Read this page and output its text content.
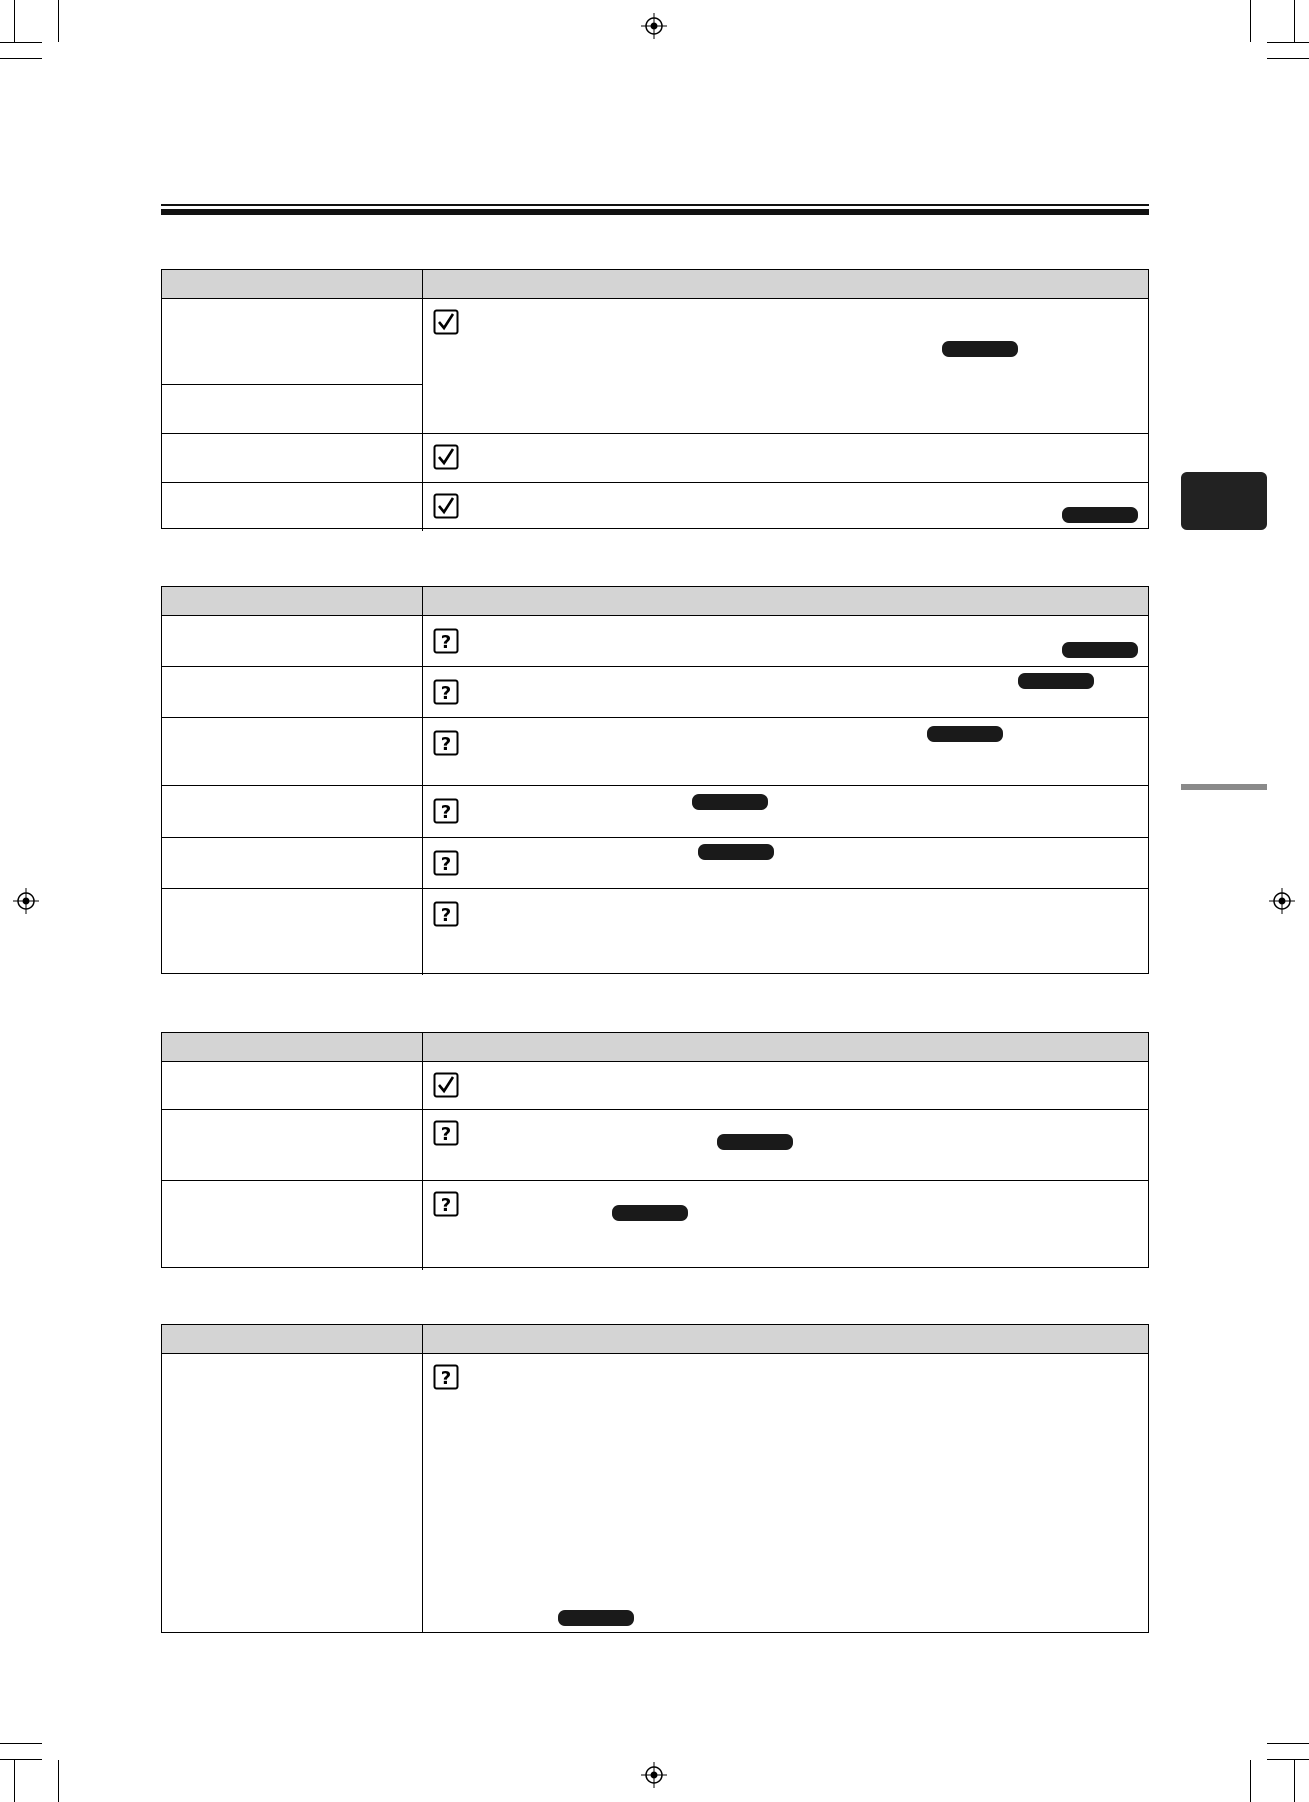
?
?
?
?
?
?
?
?
?
